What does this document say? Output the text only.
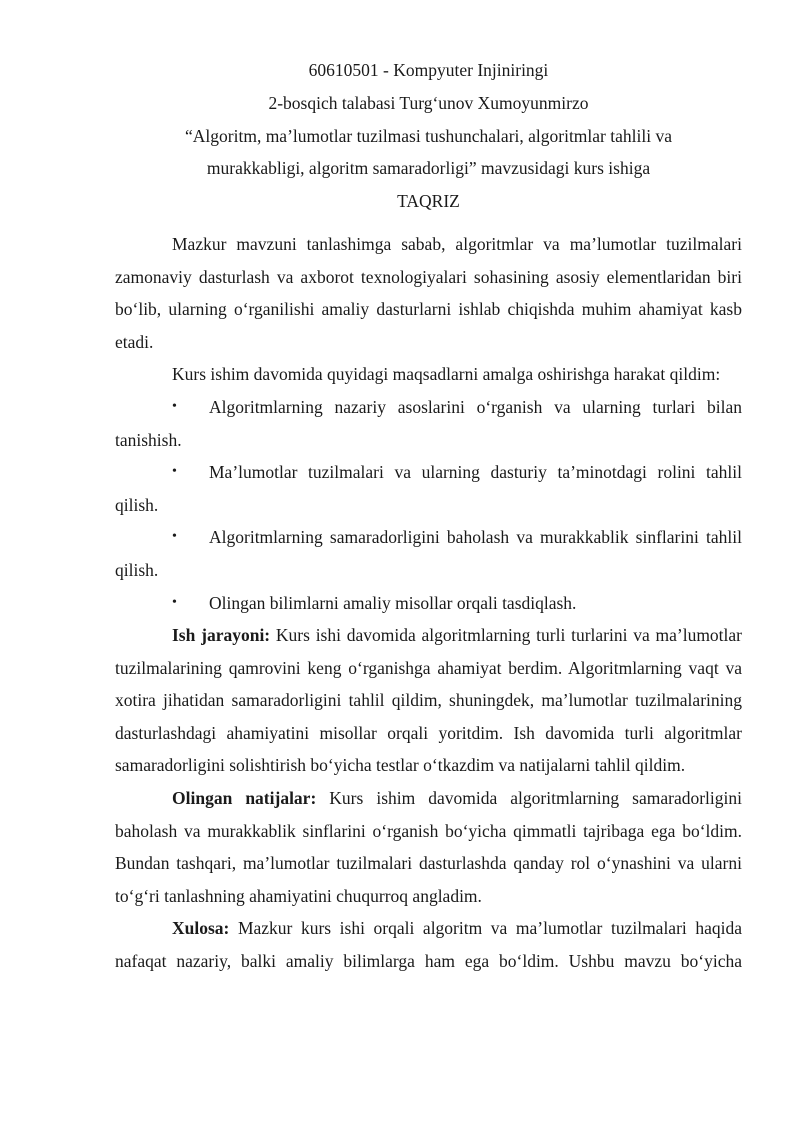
60610501 - Kompyuter Injiniringi

2-bosqich talabasi Turg‘unov Xumoyunmirzo

“Algoritm, ma’lumotlar tuzilmasi tushunchalari, algoritmlar tahlili va

murakkabligi, algoritm samaradorligi” mavzusidagi kurs ishiga

TAQRIZ

Mazkur mavzuni tanlashimga sabab, algoritmlar va ma’lumotlar tuzilmalari zamonaviy dasturlash va axborot texnologiyalari sohasining asosiy elementlaridan biri bo‘lib, ularning o‘rganilishi amaliy dasturlarni ishlab chiqishda muhim ahamiyat kasb etadi.

Kurs ishim davomida quyidagi maqsadlarni amalga oshirishga harakat qildim:

• Algoritmlarning nazariy asoslarini o‘rganish va ularning turlari bilan tanishish.

• Ma’lumotlar tuzilmalari va ularning dasturiy ta’minotdagi rolini tahlil qilish.

• Algoritmlarning samaradorligini baholash va murakkablik sinflarini tahlil qilish.

• Olingan bilimlarni amaliy misollar orqali tasdiqlash.

Ish jarayoni: Kurs ishi davomida algoritmlarning turli turlarini va ma’lumotlar tuzilmalarining qamrovini keng o‘rganishga ahamiyat berdim. Algoritmlarning vaqt va xotira jihatidan samaradorligini tahlil qildim, shuningdek, ma’lumotlar tuzilmalarining dasturlashdagi ahamiyatini misollar orqali yoritdim. Ish davomida turli algoritmlar samaradorligini solishtirish bo‘yicha testlar o‘tkazdim va natijalarni tahlil qildim.

Olingan natijalar: Kurs ishim davomida algoritmlarning samaradorligini baholash va murakkablik sinflarini o‘rganish bo‘yicha qimmatli tajribaga ega bo‘ldim. Bundan tashqari, ma’lumotlar tuzilmalari dasturlashda qanday rol o‘ynashini va ularni to‘g‘ri tanlashning ahamiyatini chuqurroq angladim.

Xulosa: Mazkur kurs ishi orqali algoritm va ma’lumotlar tuzilmalari haqida nafaqat nazariy, balki amaliy bilimlarga ham ega bo‘ldim. Ushbu mavzu bo‘yicha
